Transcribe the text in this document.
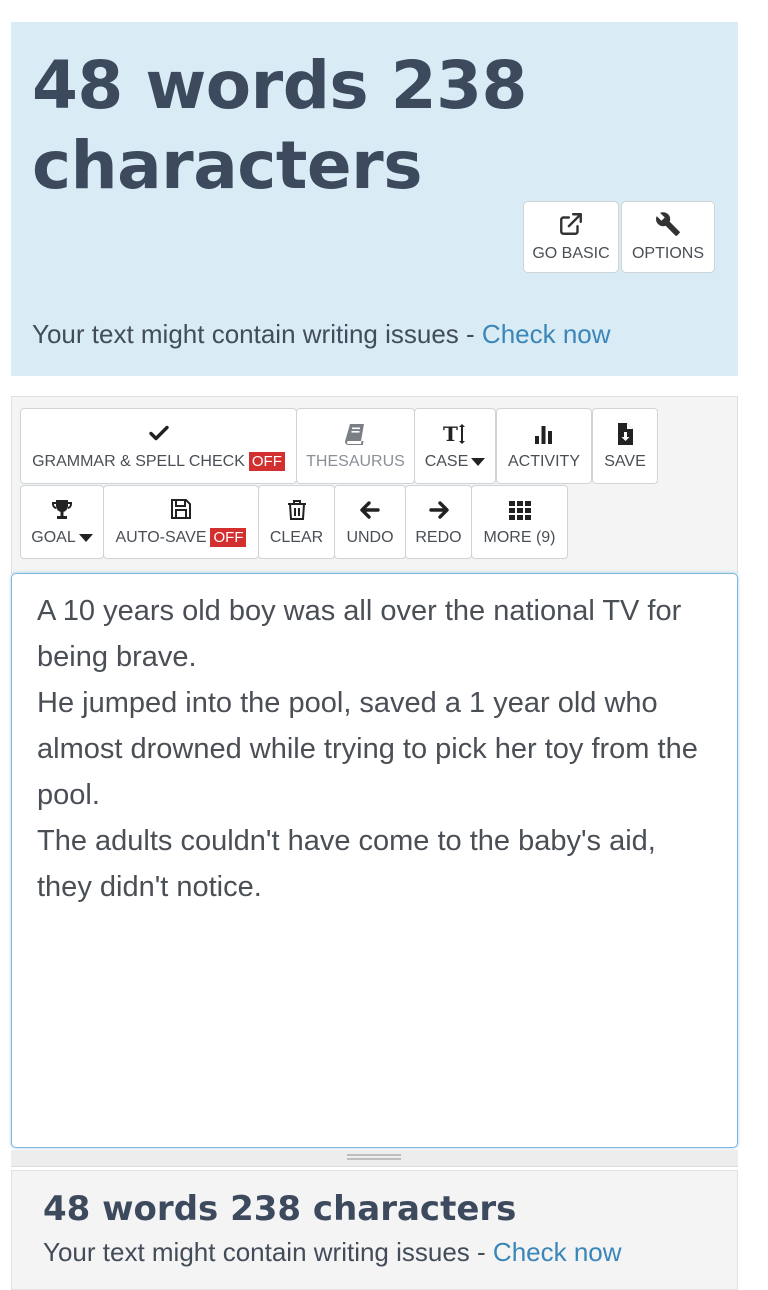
48 words 238 characters
GO BASIC OPTIONS
Your text might contain writing issues - Check now
GRAMMAR & SPELL CHECK OFF THESAURUS
T
CASE ACTIVITY SAVE
GOAL AUTO-SAVE OFF CLEAR UNDO REDO MORE (9)

A 10 years old boy was all over the national TV for being brave.

He jumped into the pool, saved a 1 year old who almost drowned while trying to pick her toy from the pool.

The adults couldn't have come to the baby's aid, they didn't notice.

48 words 238 characters
Your text might contain writing issues - Check now
